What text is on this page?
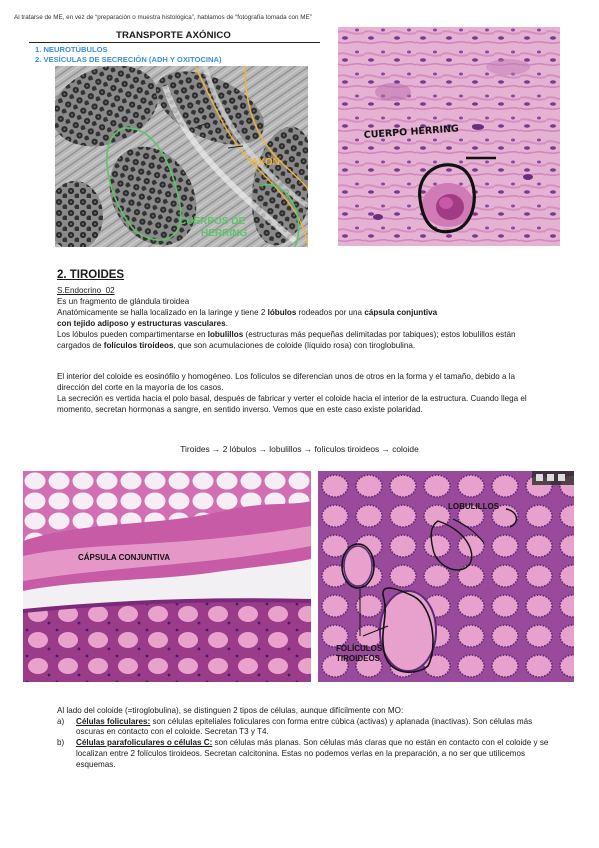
Al tratarse de ME, en vez de “preparación o muestra histológica”, hablamos de “fotografía tomada con ME”
TRANSPORTE AXÓNICO
1. NEUROTÚBULOS
2. VESÍCULAS DE SECRECIÓN (ADH Y OXITOCINA)
AXÓN
CUERPOS DE
HERRING
CUERPO HERRING
2. TIROIDES
S.Endocrino_02
Es un fragmento de glándula tiroidea
Anatómicamente se halla localizado en la laringe y tiene 2 lóbulos rodeados por una cápsula conjuntiva
con tejido adiposo y estructuras vasculares.
Los lóbulos pueden compartimentarse en lobulillos (estructuras más pequeñas delimitadas por tabiques); estos lobulillos están cargados de folículos tiroideos, que son acumulaciones de coloide (líquido rosa) con tiroglobulina.
El interior del coloide es eosinófilo y homogéneo. Los folículos se diferencian unos de otros en la forma y el tamaño, debido a la dirección del corte en la mayoría de los casos.
La secreción es vertida hacia el polo basal, después de fabricar y verter el coloide hacia el interior de la estructura. Cuando llega el momento, secretan hormonas a sangre, en sentido inverso. Vemos que en este caso existe polaridad.
Tiroides → 2 lóbulos → lobulillos → folículos tiroideos → coloide
CÁPSULA CONJUNTIVA
LOBULILLOS
FOLÍCULOS
TIROIDEOS
Al lado del coloide (=tiroglobulina), se distinguen 2 tipos de células, aunque difícilmente con MO:
a)	Células foliculares: son células epiteliales foliculares con forma entre cúbica (activas) y aplanada (inactivas). Son células más oscuras en contacto con el coloide. Secretan T3 y T4.
b)	Células parafoliculares o células C: son células más planas. Son células más claras que no están en contacto con el coloide y se localizan entre 2 folículos tiroideos. Secretan calcitonina. Estas no podemos verlas en la preparación, a no ser que utilicemos esquemas.
